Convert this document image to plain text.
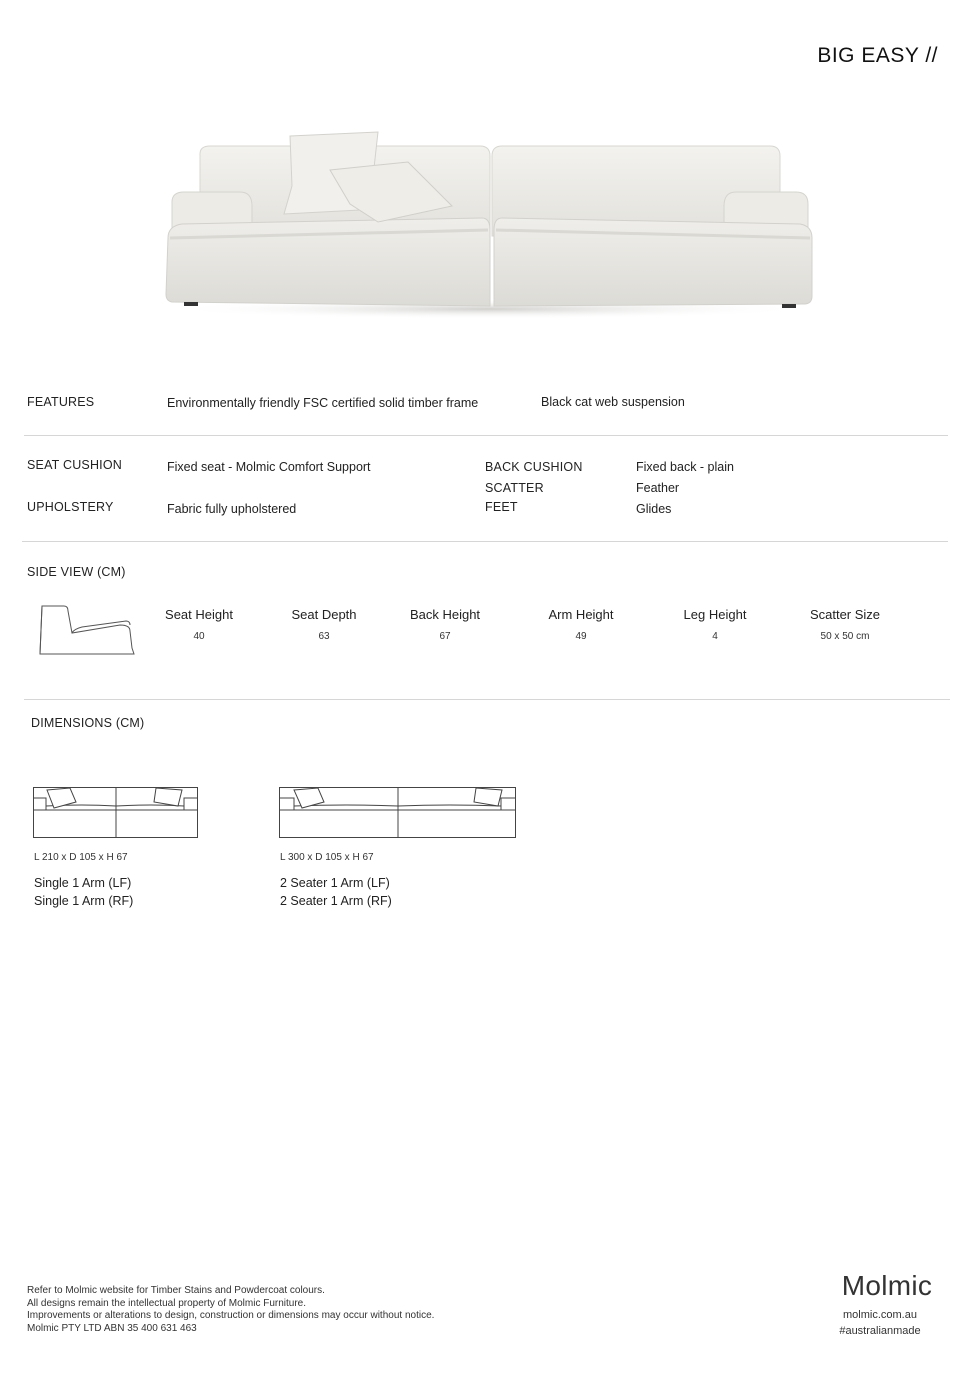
BIG EASY //
FEATURES	Environmentally friendly FSC certified solid timber frame	Black cat web suspension
SEAT CUSHION	Fixed seat - Molmic Comfort Support
UPHOLSTERY	Fabric fully upholstered
BACK CUSHION	Fixed back - plain
SCATTER	Feather
FEET	Glides
SIDE VIEW (CM)
Seat Height
40
Seat Depth
63
Back Height
67
Arm Height
49
Leg Height
4
Scatter Size
50 x 50 cm
DIMENSIONS (CM)
L 210 x D 105 x H 67
Single 1 Arm (LF)
Single 1 Arm (RF)
L 300 x D 105 x H 67
2 Seater 1 Arm (LF)
2 Seater 1 Arm (RF)
Refer to Molmic website for Timber Stains and Powdercoat colours.
All designs remain the intellectual property of Molmic Furniture.
Improvements or alterations to design, construction or dimensions may occur without notice.
Molmic PTY LTD ABN 35 400 631 463
Molmic
molmic.com.au
#australianmade
